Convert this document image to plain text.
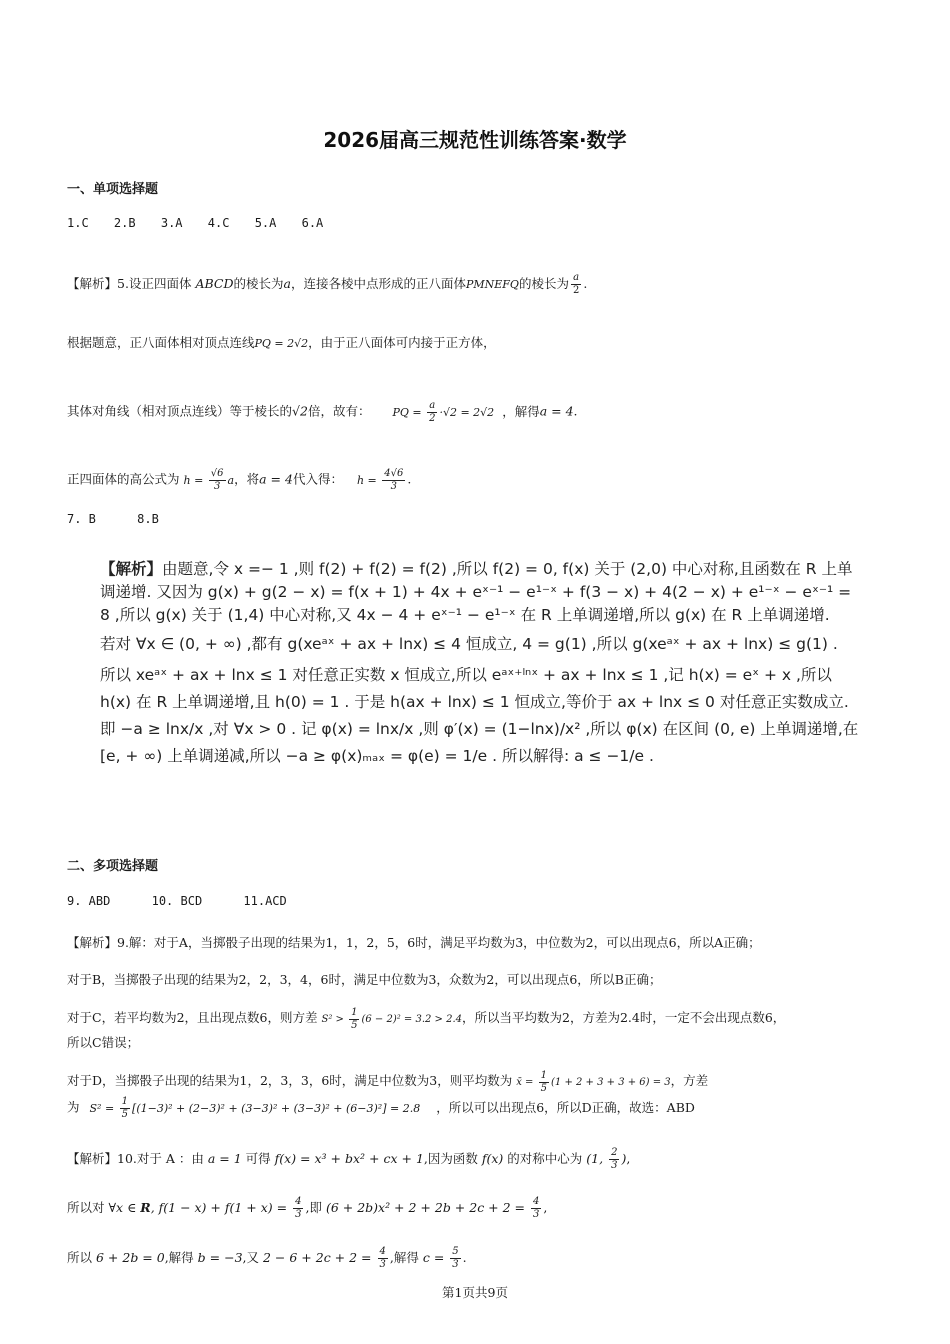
2026届高三规范性训练答案·数学
一、单项选择题
1.C 2.B 3.A 4.C 5.A 6.A
【解析】5.设正四面体 ABCD的棱长为a，连接各棱中点形成的正八面体PMNEFQ的棱长为 $\frac{a}{2}$ .
根据题意，正八面体相对顶点连线PQ = 2√2，由于正八面体可内接于正方体，
其体对角线（相对顶点连线）等于棱长的√2倍，故有： PQ = $\frac{a}{2} \cdot√2 = 2√2$ ，解得a = 4.
正四面体的高公式为 $h = \frac{√6}{3}$ a，将a = 4代入得： $h = \frac{4√6}{3}$ .
7. B	8.B

【解析】由题意,令 x =− 1 ,则 f(2) + f(2) = f(2) ,所以 f(2) = 0, f(x) 关于 (2,0) 中心对称,且函数在 R 上单调递增. 又因为 g(x) + g(2 − x) = f(x + 1) + 4x + eˣ⁻¹ − e¹⁻ˣ + f(3 − x) + 4(2 − x) + e¹⁻ˣ − eˣ⁻¹ = 8 ,所以 g(x) 关于 (1,4) 中心对称,又 4x − 4 + eˣ⁻¹ − e¹⁻ˣ 在 R 上单调递增,所以 g(x) 在 R 上单调递增.

若对 ∀x ∈ (0, + ∞) ,都有 g(xeᵃˣ + ax + lnx) ≤ 4 恒成立, 4 = g(1) ,所以 g(xeᵃˣ + ax + lnx) ≤ g(1) .

所以 xeᵃˣ + ax + lnx ≤ 1 对任意正实数 x 恒成立,所以 eᵃˣ⁺ˡⁿˣ + ax + lnx ≤ 1 ,记 h(x) = eˣ + x ,所以 h(x) 在 R 上单调递增,且 h(0) = 1 . 于是 h(ax + lnx) ≤ 1 恒成立,等价于 ax + lnx ≤ 0 对任意正实数成立. 即 −a ≥ lnx/x ,对 ∀x > 0 . 记 φ(x) = lnx/x ,则 φ′(x) = (1−lnx)/x² ,所以 φ(x) 在区间 (0, e) 上单调递增,在 [e, + ∞) 上单调递减,所以 −a ≥ φ(x)ₘₐₓ = φ(e) = 1/e . 所以解得: a ≤ −1/e .

二、多项选择题
9. ABD	10. BCD	11.ACD
【解析】9.解：对于A，当掷骰子出现的结果为1，1，2，5，6时，满足平均数为3，中位数为2，可以出现点6，所以A正确；
对于B，当掷骰子出现的结果为2，2，3，4，6时，满足中位数为3，众数为2，可以出现点6，所以B正确；
对于C，若平均数为2，且出现点数6，则方差 $S^2 > \frac{1}{5} (6 - 2)^2 = 3.2 > 2.4$，所以当平均数为2，方差为2.4时，一定不会出现点数6，
所以C错误；
对于D，当掷骰子出现的结果为1，2，3，3，6时，满足中位数为3，则平均数为 x̄ = $\frac{1}{5} (1 + 2 + 3 + 3 + 6) = 3$，方差
为 $S^2 = \frac{1}{5} [(1-3)^2 + (2-3)^2 + (3-3)^2 + (3-3)^2 + (6-3)^2] = 2.8$ ，所以可以出现点6，所以D正确，故选：ABD
【解析】10.对于 A ：由 a = 1 可得 f(x) = x³ + bx² + cx + 1,因为函数 f(x) 的对称中心为 (1, $\frac{2}{3}$ ),
所以对 ∀x ∈ R, $f(1 - x) + f(1 + x) = \frac{4}{3}$ ,即 $(6 + 2b)x^2 + 2 + 2b + 2c + 2 = \frac{4}{3}$ ,
所以 6 + 2b = 0,解得 b = −3,又 $2 - 6 + 2c + 2 = \frac{4}{3}$ ,解得 $c = \frac{5}{3}$ .
第1页共9页
